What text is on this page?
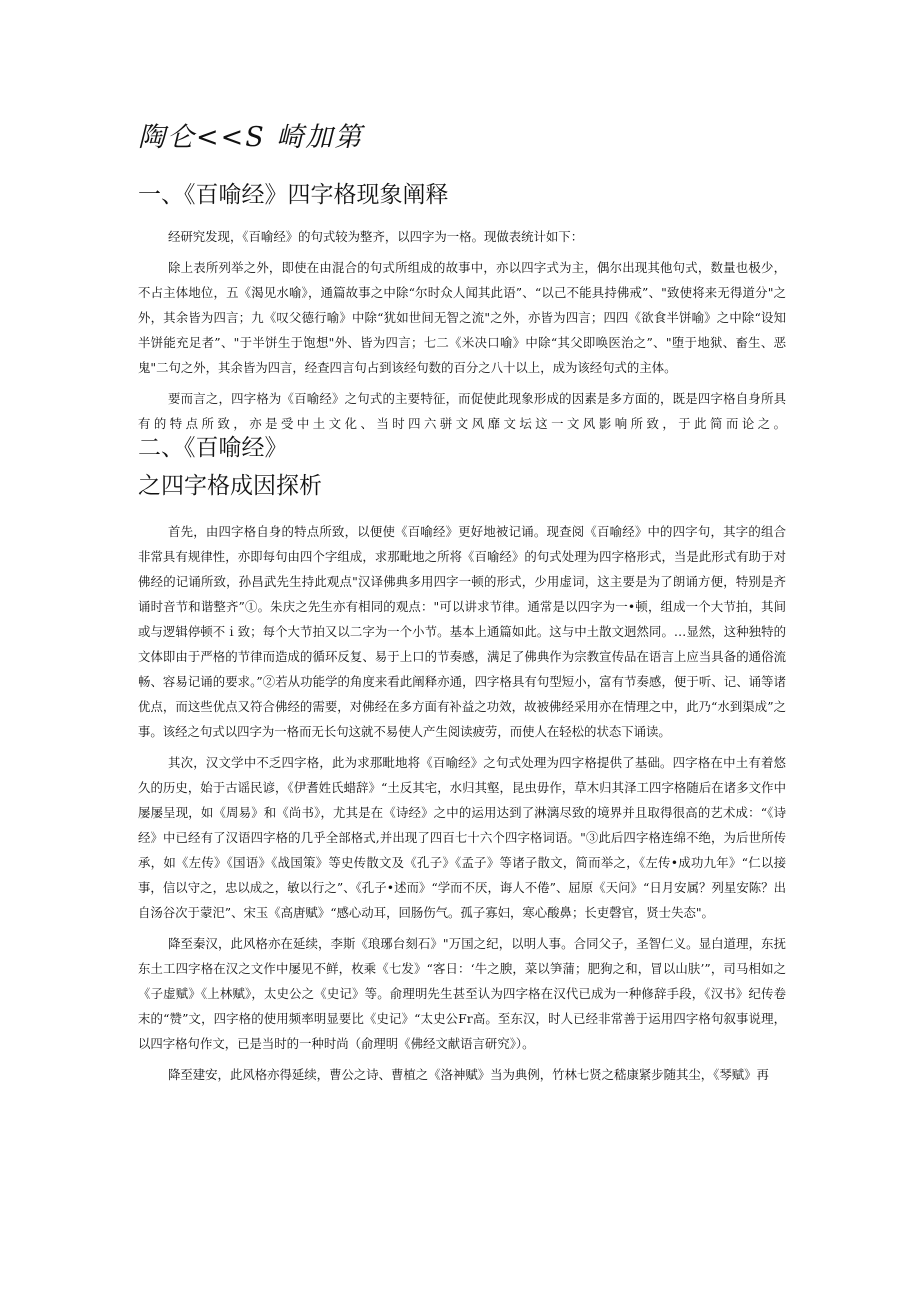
陶仑<<S 崎加第
一、《百喻经》四字格现象阐释

经研究发现，《百喻经》的句式较为整齐，以四字为一格。现做表统计如下：

除上表所列举之外，即使在由混合的句式所组成的故事中，亦以四字式为主，偶尔出现其他句式，数量也极少，不占主体地位，五《渴见水喻》，通篇故事之中除“尔时众人闻其此语”、“以己不能具持佛戒”、"致使将来无得道分"之外，其余皆为四言；九《叹父德行喻》中除“犹如世间无智之流"之外，亦皆为四言；四四《欲食半饼喻》之中除“设知半饼能充足者”、"于半饼生于饱想"外、皆为四言；七二《米决口喻》中除“其父即唤医治之”、"堕于地狱、畜生、恶鬼"二句之外，其余皆为四言，经查四言句占到该经句数的百分之八十以上，成为该经句式的主体。

要而言之，四字格为《百喻经》之句式的主要特征，而促使此现象形成的因素是多方面的，既是四字格自身所具有的特点所致，亦是受中土文化、当时四六骈文风靡文坛这一文风影响所致，于此简而论之。二、《百喻经》

之四字格成因探析

首先，由四字格自身的特点所致，以便使《百喻经》更好地被记诵。现查阅《百喻经》中的四字句，其字的组合非常具有规律性，亦即每句由四个字组成，求那毗地之所将《百喻经》的句式处理为四字格形式，当是此形式有助于对佛经的记诵所致，孙昌武先生持此观点"汉译佛典多用四字一顿的形式，少用虚词，这主要是为了朗诵方便，特别是齐诵时音节和谐整齐”①。朱庆之先生亦有相同的观点："可以讲求节律。通常是以四字为一•顿，组成一个大节拍，其间或与逻辑停顿不ｉ致；每个大节拍又以二字为一个小节。基本上通篇如此。这与中土散文迥然同。…显然，这种独特的文体即由于严格的节律而造成的循环反复、易于上口的节奏感，满足了佛典作为宗教宣传品在语言上应当具备的通俗流畅、容易记诵的要求。”②若从功能学的角度来看此阐释亦通，四字格具有句型短小，富有节奏感，便于听、记、诵等诸优点，而这些优点又符合佛经的需要，对佛经在多方面有补益之功效，故被佛经采用亦在情理之中，此乃“水到渠成”之事。该经之句式以四字为一格而无长句这就不易使人产生阅读疲劳，而使人在轻松的状态下诵读。

其次，汉文学中不乏四字格，此为求那毗地将《百喻经》之句式处理为四字格提供了基础。四字格在中土有着悠久的历史，始于古谣民谚，《伊耆姓氏蜡辞》“土反其宅，水归其壑，昆虫毋作，草木归其泽工四字格随后在诸多文作中屡屡呈现，如《周易》和《尚书》，尤其是在《诗经》之中的运用达到了淋漓尽致的境界并且取得很高的艺术成：“《诗经》中已经有了汉语四字格的几乎全部格式,并出现了四百七十六个四字格词语。"③此后四字格连绵不绝，为后世所传承，如《左传》《国语》《战国策》等史传散文及《孔子》《孟子》等诸子散文，简而举之，《左传•成功九年》“仁以接事，信以守之，忠以成之，敏以行之”、《孔子•述而》“学而不厌，诲人不倦”、屈原《天问》“日月安属？列星安陈？出自汤谷次于蒙汜”、宋玉《高唐赋》“感心动耳，回肠伤气。孤子寡妇，寒心酸鼻；长吏磬官，贤士失态"。

降至秦汉，此风格亦在延续，李斯《琅琊台刻石》"万国之纪，以明人事。合同父子，圣智仁义。显白道理，东抚东土工四字格在汉之文作中屡见不鲜，枚乘《七发》“客日：‘牛之腴，菜以笋蒲；肥狗之和，冒以山肤’”，司马相如之《子虚赋》《上林赋》，太史公之《史记》等。俞理明先生甚至认为四字格在汉代已成为一种修辞手段，《汉书》纪传卷末的“赞”文，四字格的使用频率明显要比《史记》“太史公Fr高。至东汉，时人已经非常善于运用四字格句叙事说理，以四字格句作文，已是当时的一种时尚（俞理明《佛经文献语言研究》）。

降至建安，此风格亦得延续，曹公之诗、曹植之《洛神赋》当为典例，竹林七贤之嵇康紧步随其尘，《琴赋》再
